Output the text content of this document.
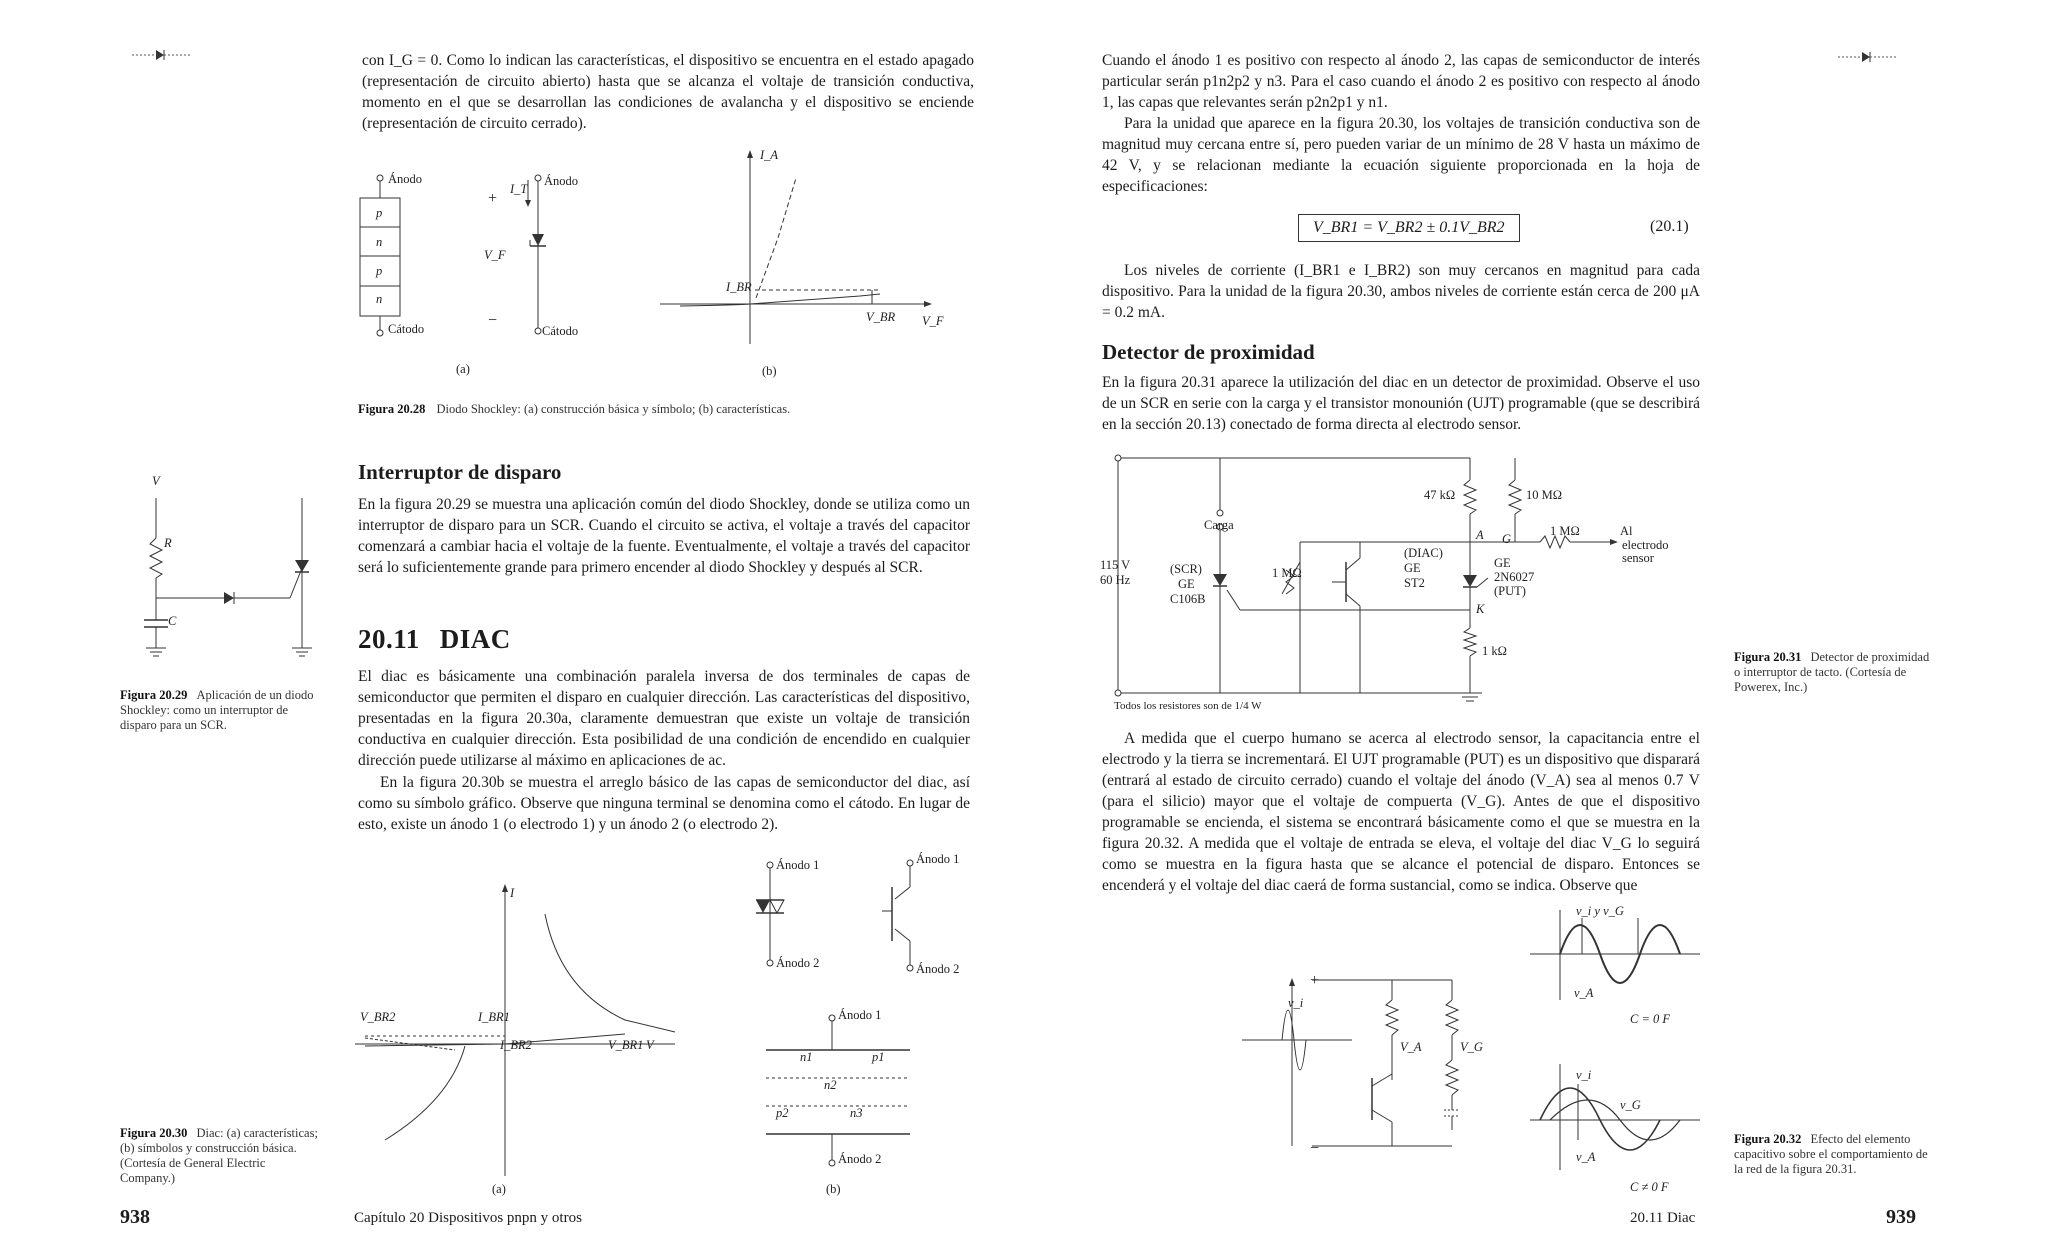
con I_G = 0. Como lo indican las características, el dispositivo se encuentra en el estado apagado (representación de circuito abierto) hasta que se alcanza el voltaje de transición conductiva, momento en el que se desarrollan las condiciones de avalancha y el dispositivo se enciende (representación de circuito cerrado).

Ánodo
p
n
p
n
Cátodo
+
I_T
Ánodo
V_F
−
Cátodo
I_A
I_BR
V_BR V_F
(a)	(b)
Figura 20.28 Diodo Shockley: (a) construcción básica y símbolo; (b) características.
V
R
C
Figura 20.29 Aplicación de un diodo Shockley: como un interruptor de disparo para un SCR.
Interruptor de disparo

En la figura 20.29 se muestra una aplicación común del diodo Shockley, donde se utiliza como un interruptor de disparo para un SCR. Cuando el circuito se activa, el voltaje a través del capacitor comenzará a cambiar hacia el voltaje de la fuente. Eventualmente, el voltaje a través del capacitor será lo suficientemente grande para primero encender al diodo Shockley y después al SCR.

20.11 DIAC

El diac es básicamente una combinación paralela inversa de dos terminales de capas de semiconductor que permiten el disparo en cualquier dirección. Las características del dispositivo, presentadas en la figura 20.30a, claramente demuestran que existe un voltaje de transición conductiva en cualquier dirección. Esta posibilidad de una condición de encendido en cualquier dirección puede utilizarse al máximo en aplicaciones de ac.

En la figura 20.30b se muestra el arreglo básico de las capas de semiconductor del diac, así como su símbolo gráfico. Observe que ninguna terminal se denomina como el cátodo. En lugar de esto, existe un ánodo 1 (o electrodo 1) y un ánodo 2 (o electrodo 2).

I
V_BR2	I_BR1
I_BR2	V_BR1 V
Ánodo 1
Ánodo 2
Ánodo 1
Ánodo 2
Ánodo 1
n1	p1
n2
p2	n3
Ánodo 2
(a)	(b)
Figura 20.30 Diac: (a) características; (b) símbolos y construcción básica. (Cortesía de General Electric Company.)
938	Capítulo 20 Dispositivos pnpn y otros

Cuando el ánodo 1 es positivo con respecto al ánodo 2, las capas de semiconductor de interés particular serán p1n2p2 y n3. Para el caso cuando el ánodo 2 es positivo con respecto al ánodo 1, las capas que relevantes serán p2n2p1 y n1.

Para la unidad que aparece en la figura 20.30, los voltajes de transición conductiva son de magnitud muy cercana entre sí, pero pueden variar de un mínimo de 28 V hasta un máximo de 42 V, y se relacionan mediante la ecuación siguiente proporcionada en la hoja de especificaciones:

V_BR1 = V_BR2 ± 0.1V_BR2	(20.1)

Los niveles de corriente (I_BR1 e I_BR2) son muy cercanos en magnitud para cada dispositivo. Para la unidad de la figura 20.30, ambos niveles de corriente están cerca de 200 μA = 0.2 mA.

Detector de proximidad

En la figura 20.31 aparece la utilización del diac en un detector de proximidad. Observe el uso de un SCR en serie con la carga y el transistor monounión (UJT) programable (que se describirá en la sección 20.13) conectado de forma directa al electrodo sensor.

47 kΩ	10 MΩ
Carga
(DIAC)
GE
ST2
A G
1 MΩ	Al
electrodo
sensor
115 V
60 Hz
(SCR)
GE
C106B
1 MΩ
GE
2N6027
(PUT)
K
1 kΩ
Todos los resistores son de 1/4 W
Figura 20.31 Detector de proximidad o interruptor de tacto. (Cortesía de Powerex, Inc.)

A medida que el cuerpo humano se acerca al electrodo sensor, la capacitancia entre el electrodo y la tierra se incrementará. El UJT programable (PUT) es un dispositivo que disparará (entrará al estado de circuito cerrado) cuando el voltaje del ánodo (V_A) sea al menos 0.7 V (para el silicio) mayor que el voltaje de compuerta (V_G). Antes de que el dispositivo programable se encienda, el sistema se encontrará básicamente como el que se muestra en la figura 20.32. A medida que el voltaje de entrada se eleva, el voltaje del diac V_G lo seguirá como se muestra en la figura hasta que se alcance el potencial de disparo. Entonces se encenderá y el voltaje del diac caerá de forma sustancial, como se indica. Observe que

+
−
v_i
V_A	V_G
v_i y v_G
v_A
C = 0 F
v_i
v_G
v_A
C ≠ 0 F
Figura 20.32 Efecto del elemento capacitivo sobre el comportamiento de la red de la figura 20.31.
20.11 Diac	939
